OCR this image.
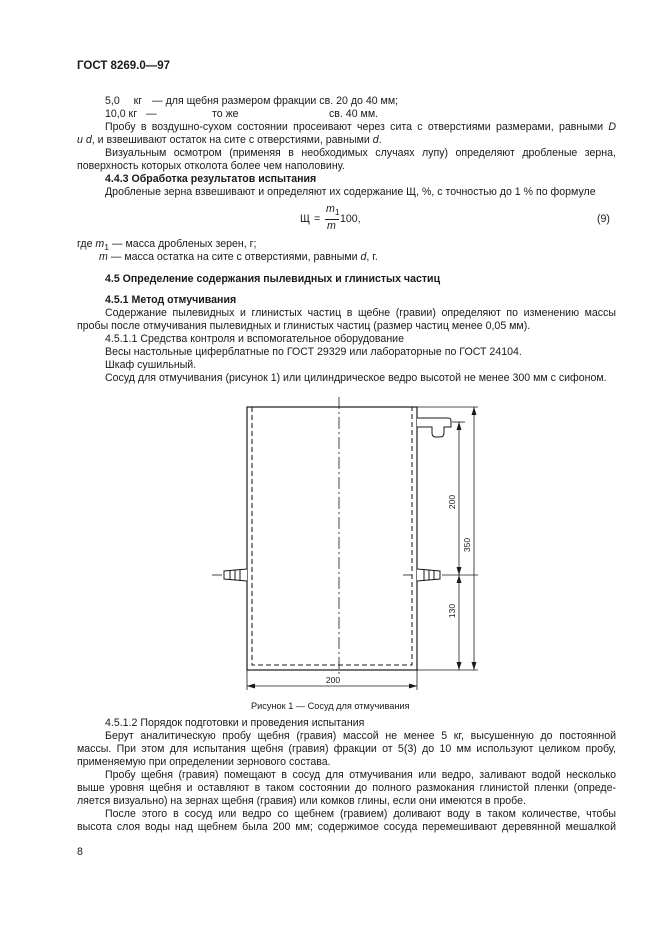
ГОСТ 8269.0—97
5,0 кг — для щебня размером фракции св. 20 до 40 мм;
10,0 кг —	то же	св. 40 мм.
Пробу в воздушно-сухом состоянии просеивают через сита с отверстиями размерами, равными D
и d, и взвешивают остаток на сите с отверстиями, равными d.
Визуальным осмотром (применяя в необходимых случаях лупу) определяют дробленые зерна,
поверхность которых отколота более чем наполовину.
4.4.3 Обработка результатов испытания
Дробленые зерна взвешивают и определяют их содержание Щ, %, с точностью до 1 % по формуле
Щ =
$m_1$
m
100,	(9)
где $m_1$ — масса дробленых зерен, г;
m — масса остатка на сите с отверстиями, равными d, г.
4.5 Определение содержания пылевидных и глинистых частиц
4.5.1 Метод отмучивания
Содержание пылевидных и глинистых частиц в щебне (гравии) определяют по изменению массы
пробы после отмучивания пылевидных и глинистых частиц (размер частиц менее 0,05 мм).
4.5.1.1 Средства контроля и вспомогательное оборудование
Весы настольные циферблатные по ГОСТ 29329 или лабораторные по ГОСТ 24104.
Шкаф сушильный.
Сосуд для отмучивания (рисунок 1) или цилиндрическое ведро высотой не менее 300 мм с сифоном.
200
350
130
200
Рисунок 1 — Сосуд для отмучивания
4.5.1.2 Порядок подготовки и проведения испытания
Берут аналитическую пробу щебня (гравия) массой не менее 5 кг, высушенную до постоянной
массы. При этом для испытания щебня (гравия) фракции от 5(3) до 10 мм используют целиком пробу,
применяемую при определении зернового состава.
Пробу щебня (гравия) помещают в сосуд для отмучивания или ведро, заливают водой несколько
выше уровня щебня и оставляют в таком состоянии до полного размокания глинистой пленки (опреде-
ляется визуально) на зернах щебня (гравия) или комков глины, если они имеются в пробе.
После этого в сосуд или ведро со щебнем (гравием) доливают воду в таком количестве, чтобы
высота слоя воды над щебнем была 200 мм; содержимое сосуда перемешивают деревянной мешалкой
8
